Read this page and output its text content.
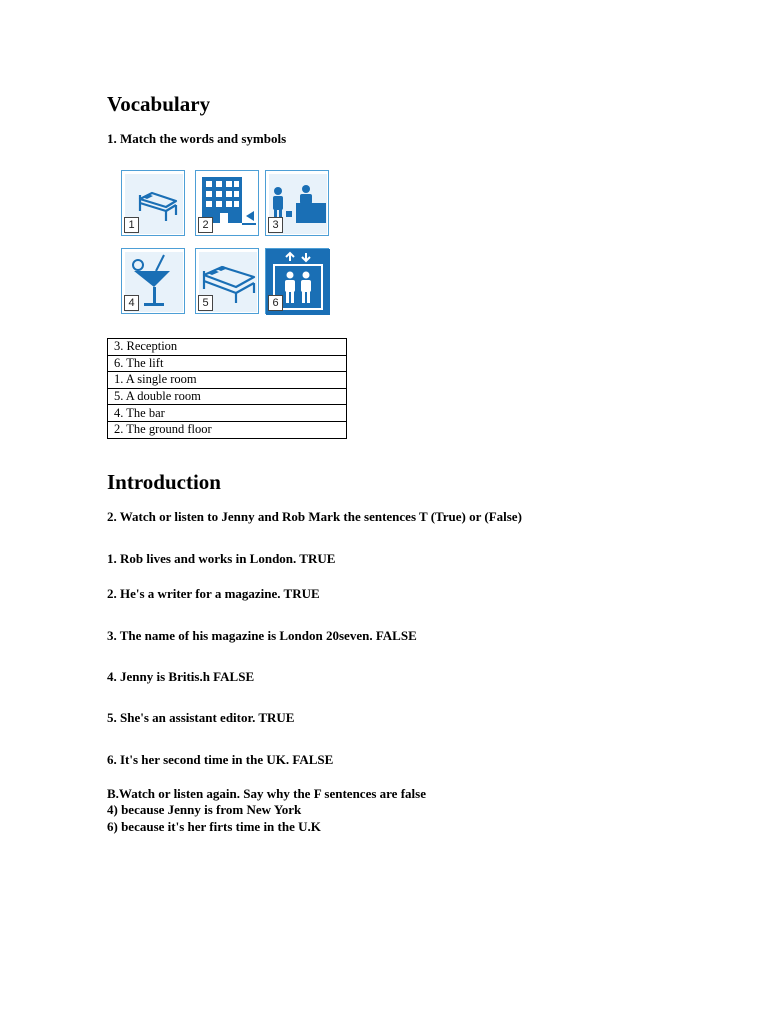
Vocabulary

1. Match the words and symbols

1	2	3
4	5	6
3. Reception
6. The lift
1. A single room
5. A double room
4. The bar
2. The ground floor
Introduction

2. Watch or listen to Jenny and Rob Mark the sentences T (True) or (False)

1. Rob lives and works in London. TRUE

2. He's a writer for a magazine. TRUE

3. The name of his magazine is London 20seven. FALSE

4. Jenny is Britis.h FALSE

5. She's an assistant editor. TRUE

6. It's her second time in the UK. FALSE

B.Watch or listen again. Say why the F sentences are false

4) because Jenny is from New York

6) because it's her firts time in the U.K
